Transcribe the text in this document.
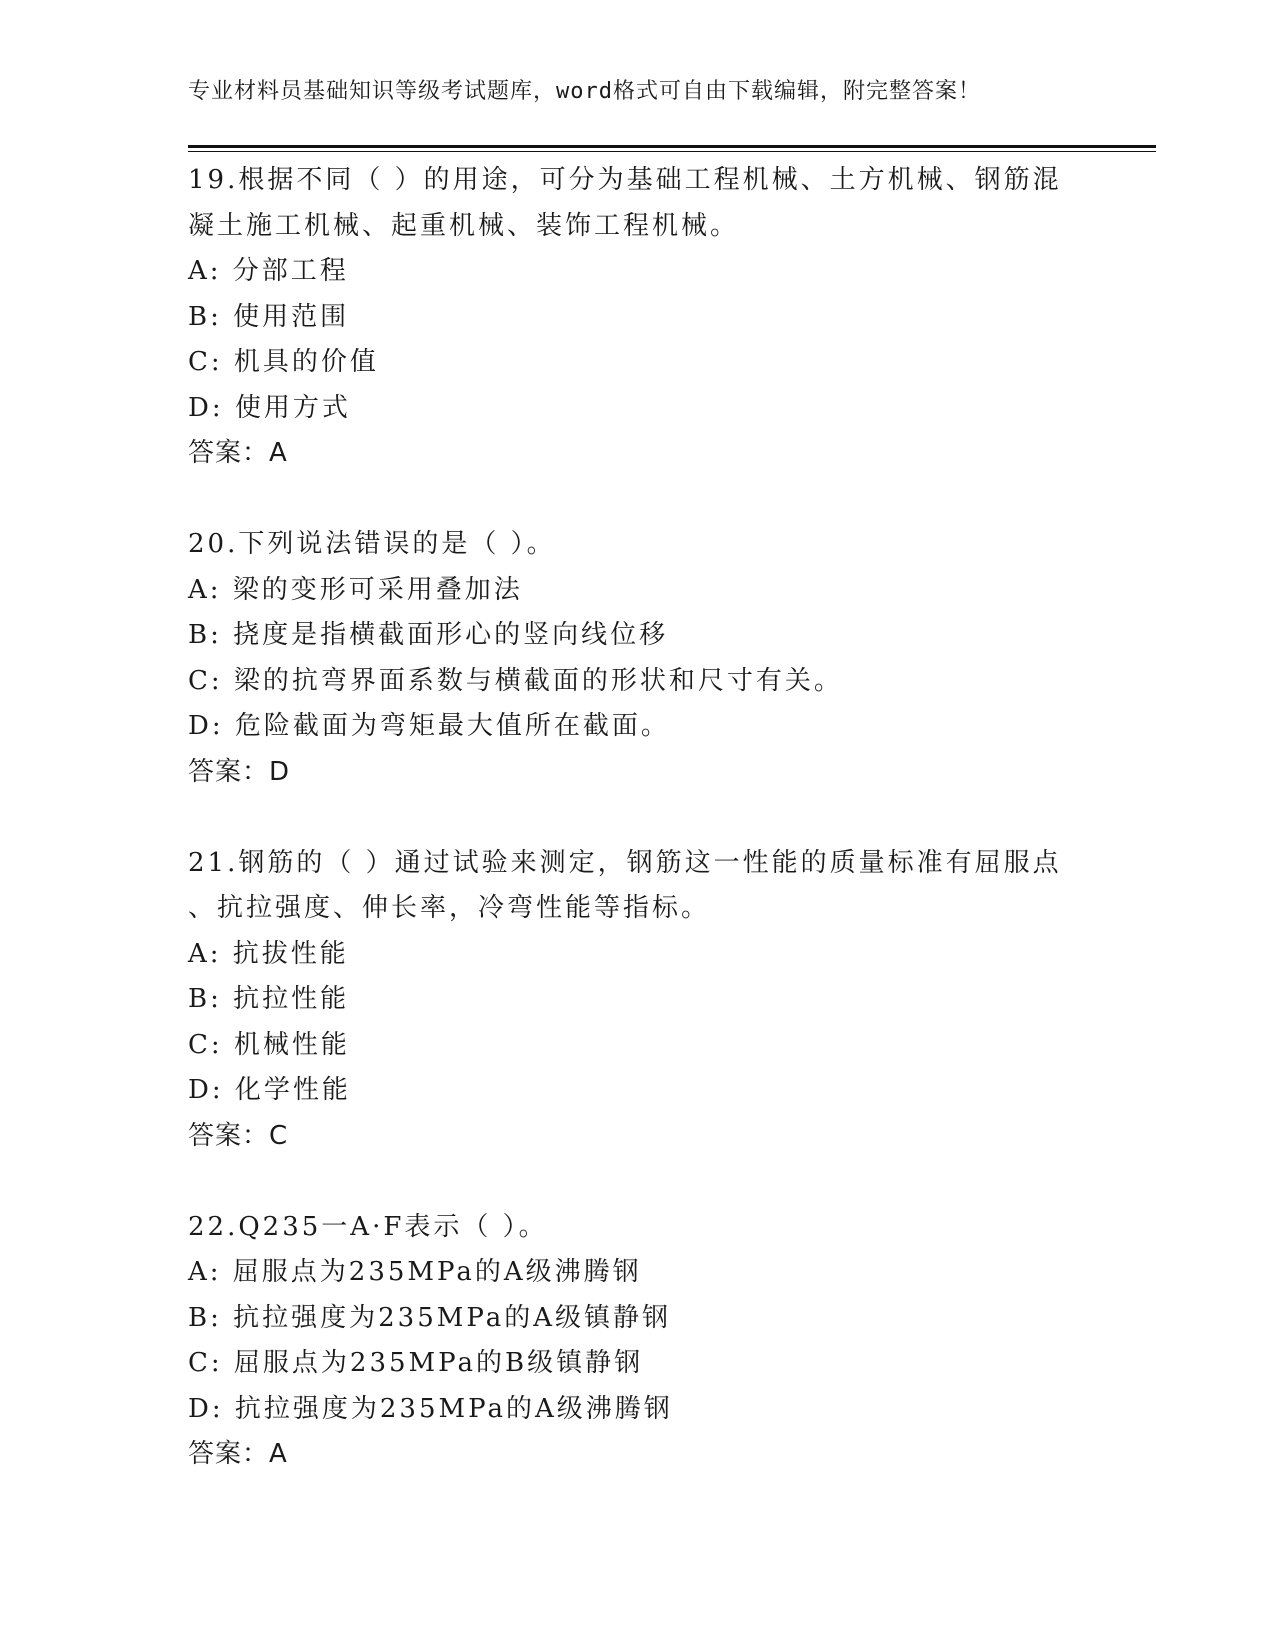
专业材料员基础知识等级考试题库，word格式可自由下载编辑，附完整答案！
19.根据不同（ ）的用途，可分为基础工程机械、土方机械、钢筋混
凝土施工机械、起重机械、装饰工程机械。
A: 分部工程
B: 使用范围
C: 机具的价值
D: 使用方式
答案：A
20.下列说法错误的是（ ）。
A: 梁的变形可采用叠加法
B: 挠度是指横截面形心的竖向线位移
C: 梁的抗弯界面系数与横截面的形状和尺寸有关。
D: 危险截面为弯矩最大值所在截面。
答案：D
21.钢筋的（ ）通过试验来测定，钢筋这一性能的质量标准有屈服点
、抗拉强度、伸长率，冷弯性能等指标。
A: 抗拔性能
B: 抗拉性能
C: 机械性能
D: 化学性能
答案：C
22.Q235一A·F表示（ ）。
A: 屈服点为235MPa的A级沸腾钢
B: 抗拉强度为235MPa的A级镇静钢
C: 屈服点为235MPa的B级镇静钢
D: 抗拉强度为235MPa的A级沸腾钢
答案：A
